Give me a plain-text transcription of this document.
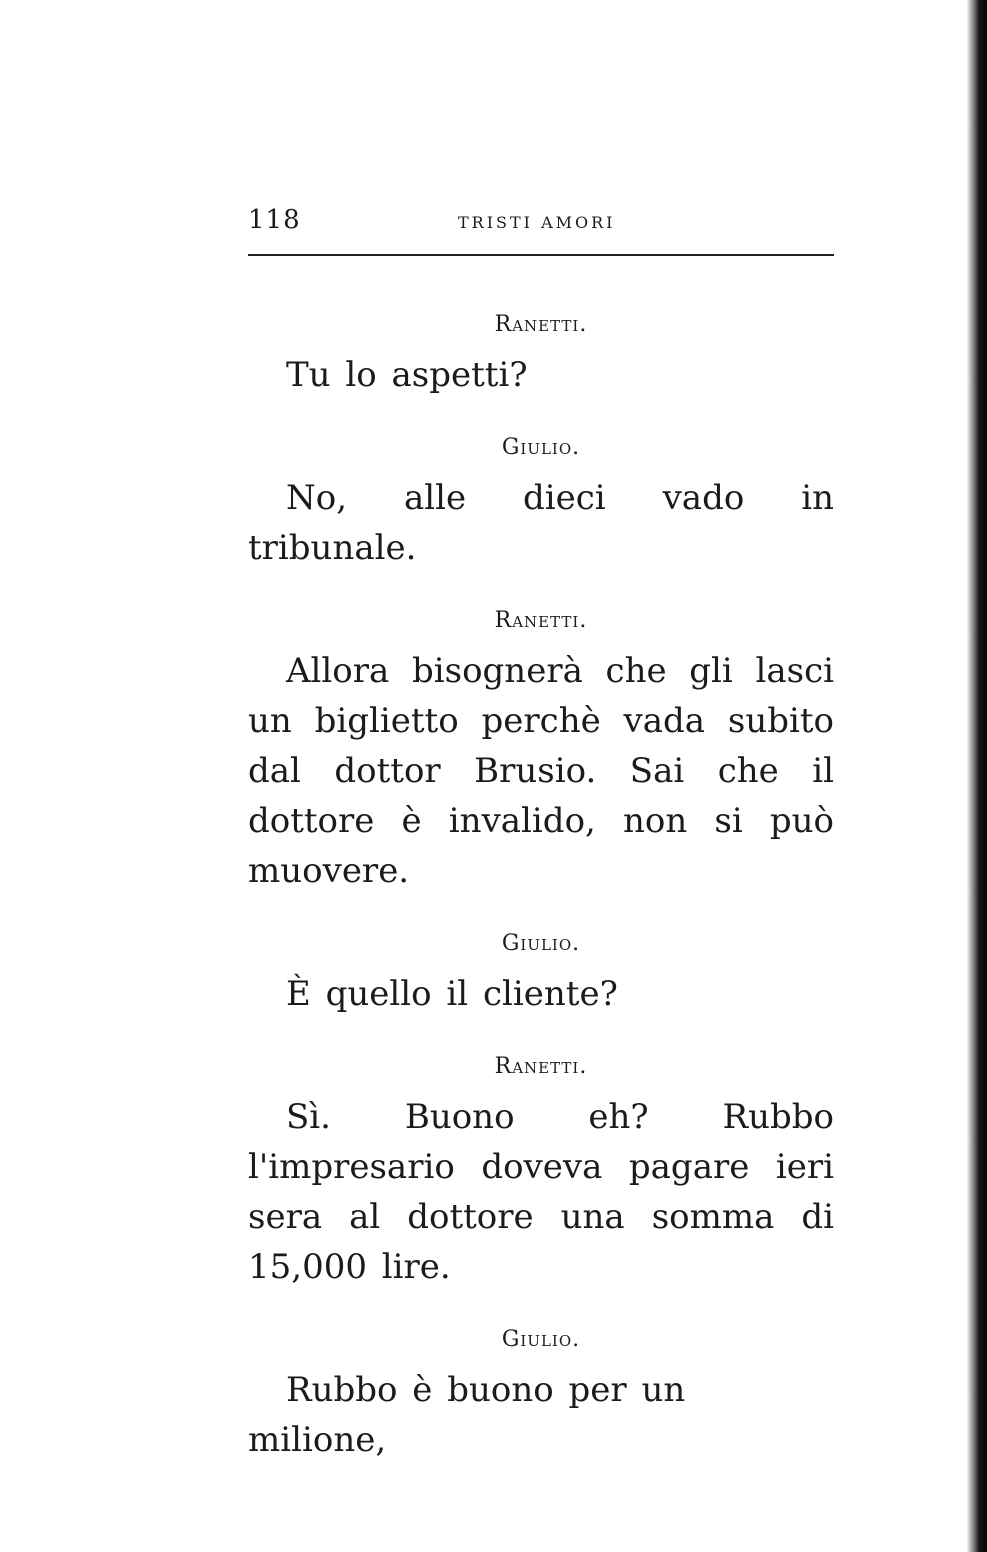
118	TRISTI AMORI

Ranetti.

Tu lo aspetti?

Giulio.

No, alle dieci vado in tribunale.

Ranetti.

Allora bisognerà che gli lasci un biglietto perchè vada subito dal dottor Brusio. Sai che il dottore è invalido, non si può muovere.

Giulio.

È quello il cliente?

Ranetti.

Sì. Buono eh? Rubbo l'impresario doveva pagare ieri sera al dottore una somma di 15,000 lire.

Giulio.

Rubbo è buono per un milione,
